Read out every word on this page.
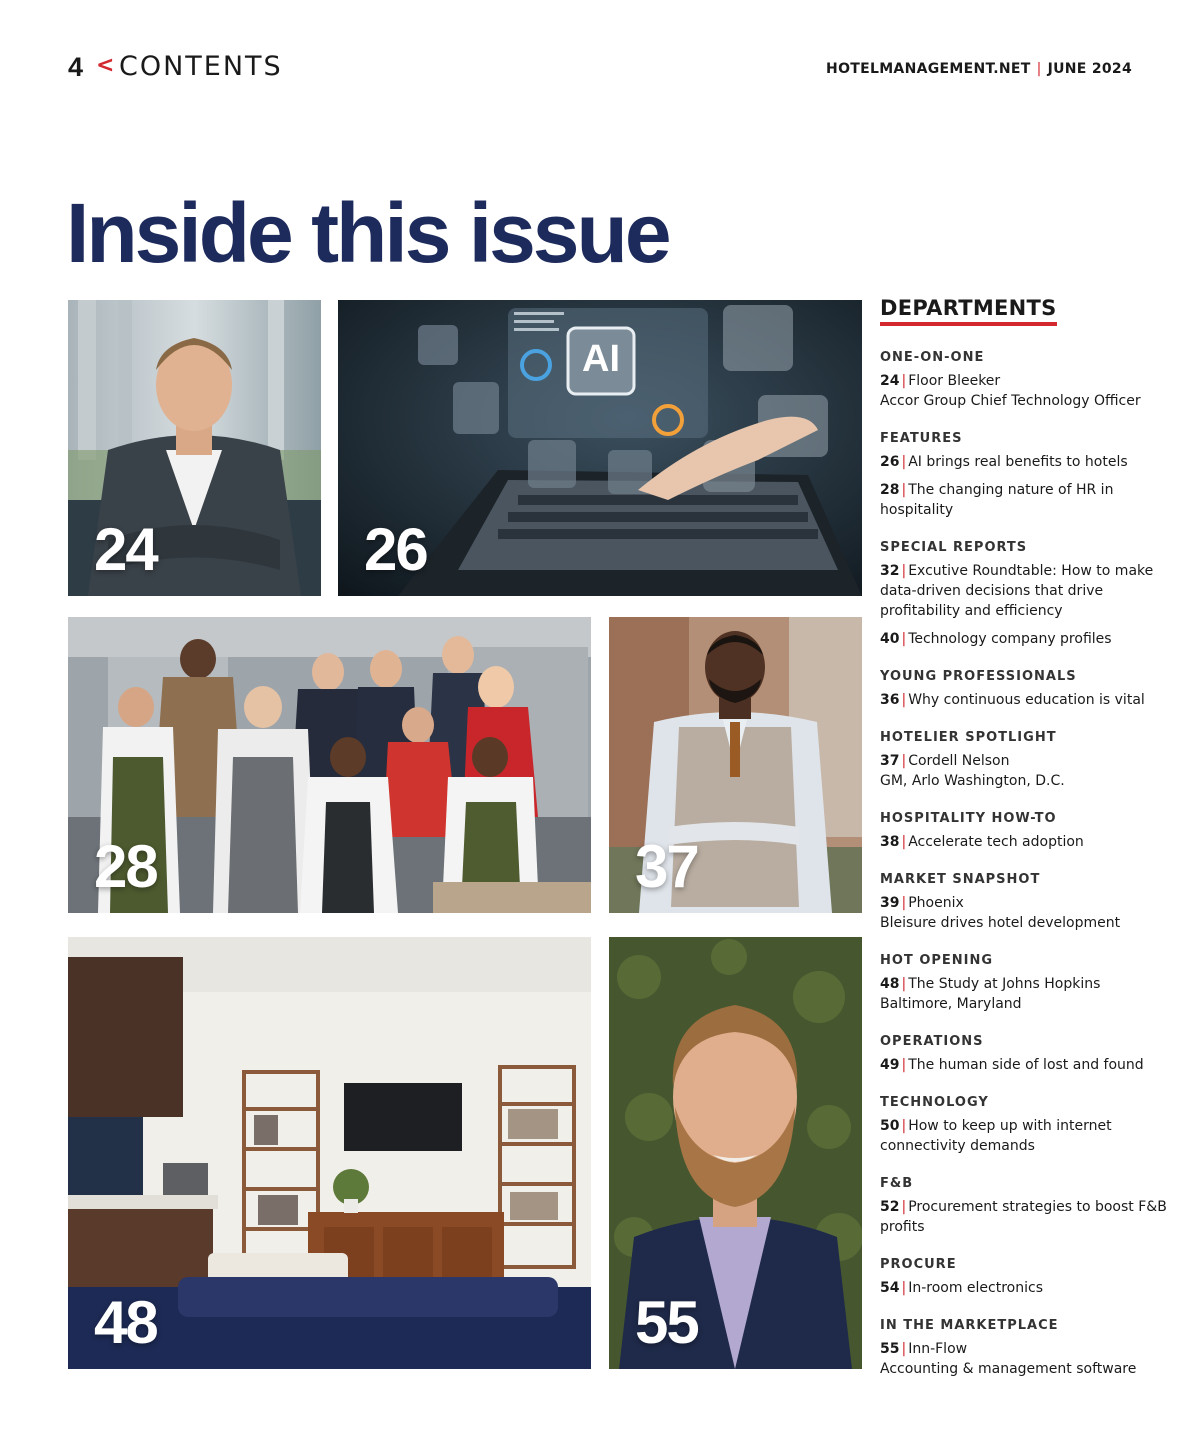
4 < CONTENTS	HOTELMANAGEMENT.NET | JUNE 2024
Inside this issue
24
AI
26
28	37
48	55
DEPARTMENTS
ONE-ON-ONE
24 | Floor Bleeker
Accor Group Chief Technology Officer
FEATURES
26 | AI brings real benefits to hotels
28 | The changing nature of HR in hospitality
SPECIAL REPORTS
32 | Excutive Roundtable: How to make data-driven decisions that drive profitability and efficiency
40 | Technology company profiles
YOUNG PROFESSIONALS
36 | Why continuous education is vital
HOTELIER SPOTLIGHT
37 | Cordell Nelson
GM, Arlo Washington, D.C.
HOSPITALITY HOW-TO
38 | Accelerate tech adoption
MARKET SNAPSHOT
39 | Phoenix
Bleisure drives hotel development
HOT OPENING
48 | The Study at Johns Hopkins
Baltimore, Maryland
OPERATIONS
49 | The human side of lost and found
TECHNOLOGY
50 | How to keep up with internet connectivity demands
F&B
52 | Procurement strategies to boost F&B profits
PROCURE
54 | In-room electronics
IN THE MARKETPLACE
55 | Inn-Flow
Accounting & management software
